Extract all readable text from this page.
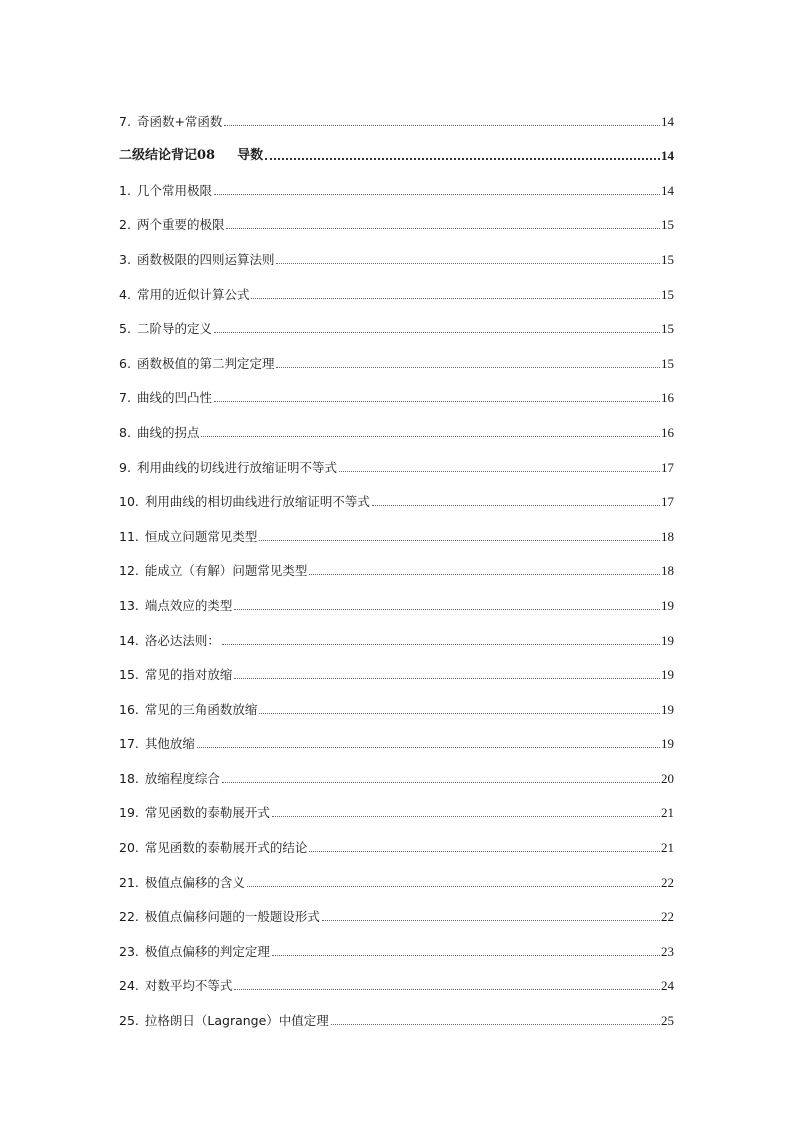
7. 奇函数+常函数	14
二级结论背记08 导数	14
1. 几个常用极限	14
2. 两个重要的极限	15
3. 函数极限的四则运算法则	15
4. 常用的近似计算公式	15
5. 二阶导的定义	15
6. 函数极值的第二判定定理	15
7. 曲线的凹凸性	16
8. 曲线的拐点	16
9. 利用曲线的切线进行放缩证明不等式	17
10. 利用曲线的相切曲线进行放缩证明不等式	17
11. 恒成立问题常见类型	18
12. 能成立（有解）问题常见类型	18
13. 端点效应的类型	19
14. 洛必达法则：	19
15. 常见的指对放缩	19
16. 常见的三角函数放缩	19
17. 其他放缩	19
18. 放缩程度综合	20
19. 常见函数的泰勒展开式	21
20. 常见函数的泰勒展开式的结论	21
21. 极值点偏移的含义	22
22. 极值点偏移问题的一般题设形式	22
23. 极值点偏移的判定定理	23
24. 对数平均不等式	24
25. 拉格朗日（Lagrange）中值定理	25
